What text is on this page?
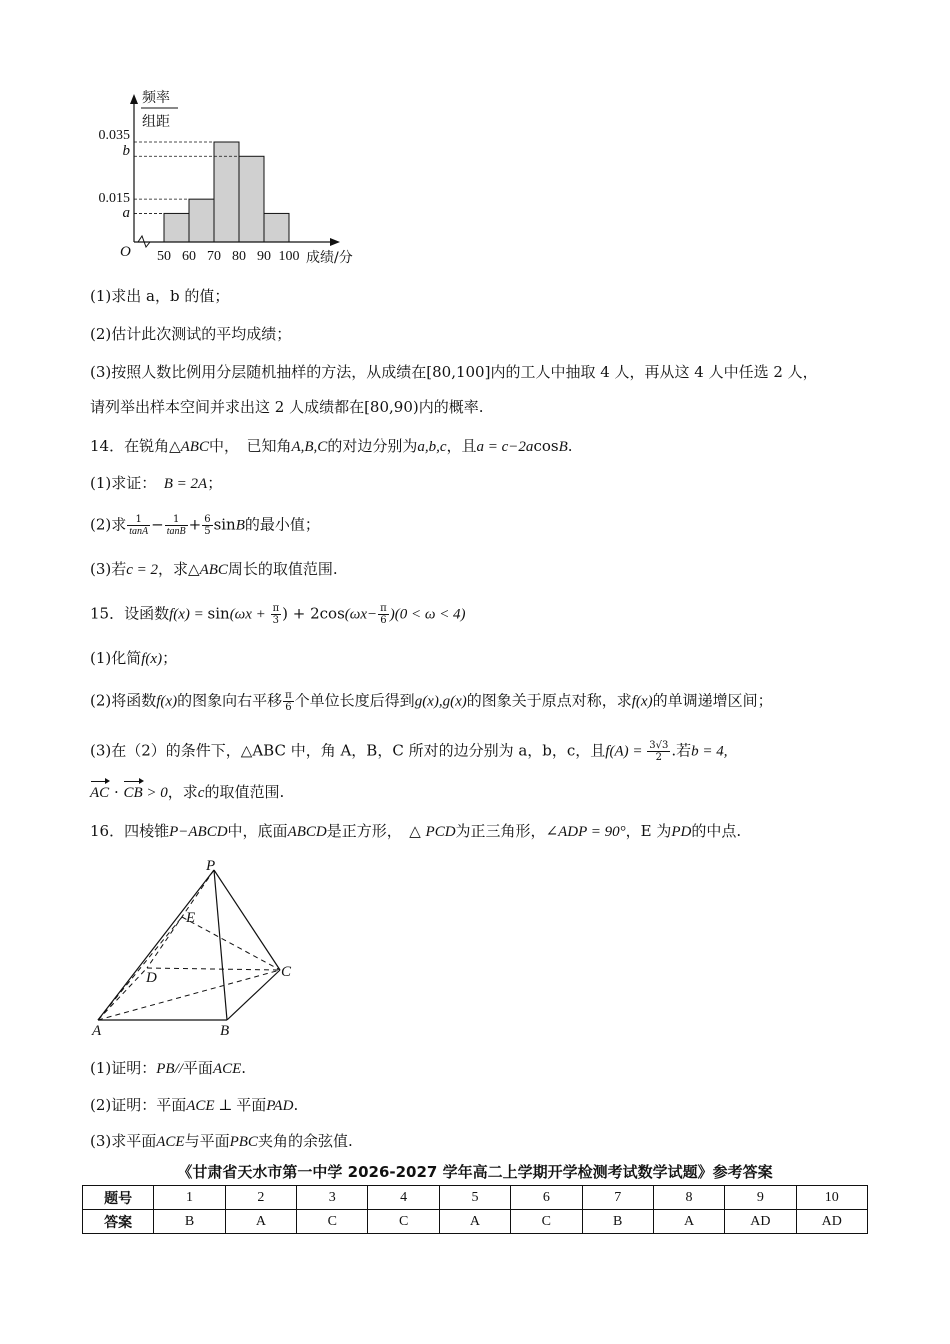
频率
组距
O
0.035
b
0.015
a
50 60 70 80 90 100 成绩/分
(1)求出 a，b 的值；
(2)估计此次测试的平均成绩；
(3)按照人数比例用分层随机抽样的方法，从成绩在[80,100]内的工人中抽取 4 人，再从这 4 人中任选 2 人，
请列举出样本空间并求出这 2 人成绩都在[80,90)内的概率.
14．在锐角△ABC中，　已知角A,B,C的对边分别为a,b,c，且a = c−2acosB.
(1)求证：　B = 2A；
(2)求 $\frac{1}{\tan A} - \frac{1}{\tan B} + \frac{6}{5}$ sinB的最小值；
(3)若c = 2，求△ABC周长的取值范围.
15．设函数$f(x) = \sin(\omega x + \frac{\pi}{3}$ ) + $2\cos(\omega x- \frac{\pi}{6} )(0 < \omega < 4)$
(1)化简f(x)；
(2)将函数f(x)的图象向右平移 $\frac{\pi}{6}$ 个单位长度后得到g(x),g(x)的图象关于原点对称，求f(x)的单调递增区间；
(3)在（2）的条件下，△ABC 中，角 A，B，C 所对的边分别为 a，b，c，且$f(A) = \frac{3√3}{2}$ .若b = 4,
AC · CB > 0，求c的取值范围.
16．四棱锥P−ABCD中，底面ABCD是正方形，　△ PCD为正三角形，∠ADP = 90°，E 为PD的中点.
P
E
D	C
A	B
(1)证明：PB//平面ACE.
(2)证明：平面ACE ⊥ 平面PAD.
(3)求平面ACE与平面PBC夹角的余弦值.
《甘肃省天水市第一中学 2026-2027 学年高二上学期开学检测考试数学试题》参考答案
题号	1	2	3	4	5	6	7	8	9	10
答案	B	A	C	C	A	C	B	A	AD	AD
